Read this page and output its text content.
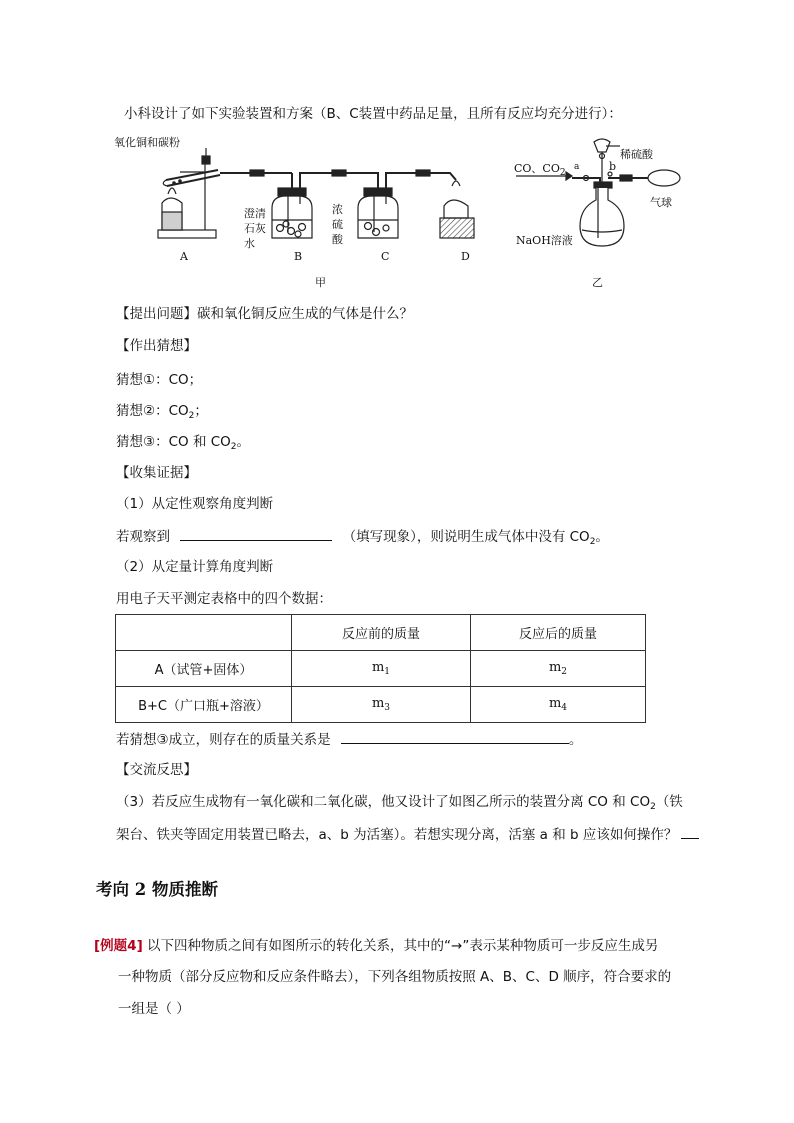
小科设计了如下实验装置和方案（B、C装置中药品足量，且所有反应均充分进行）：
氧化铜和碳粉
澄清
石灰
水
浓
硫
酸
A	B	C	D
甲
CO、$CO_2$
稀硫酸
a	b
气球
NaOH溶液
乙
【提出问题】碳和氧化铜反应生成的气体是什么？
【作出猜想】
猜想①：CO；
猜想②：$CO_2$；
猜想③：CO 和 $CO_2$。
【收集证据】
（1）从定性观察角度判断
若观察到	（填写现象），则说明生成气体中没有 $CO_2$。
（2）从定量计算角度判断
用电子天平测定表格中的四个数据：
	反应前的质量	反应后的质量
A（试管+固体）	$m_1$	$m_2$
B+C（广口瓶+溶液）	$m_3$	$m_4$
若猜想③成立，则存在的质量关系是	。
【交流反思】
（3）若反应生成物有一氧化碳和二氧化碳，他又设计了如图乙所示的装置分离 CO 和 $CO_2$（铁
架台、铁夹等固定用装置已略去，a、b 为活塞）。若想实现分离，活塞 a 和 b 应该如何操作？
考向 2 物质推断
[例题4] 以下四种物质之间有如图所示的转化关系，其中的“→”表示某种物质可一步反应生成另
一种物质（部分反应物和反应条件略去），下列各组物质按照 A、B、C、D 顺序，符合要求的
一组是（ ）
